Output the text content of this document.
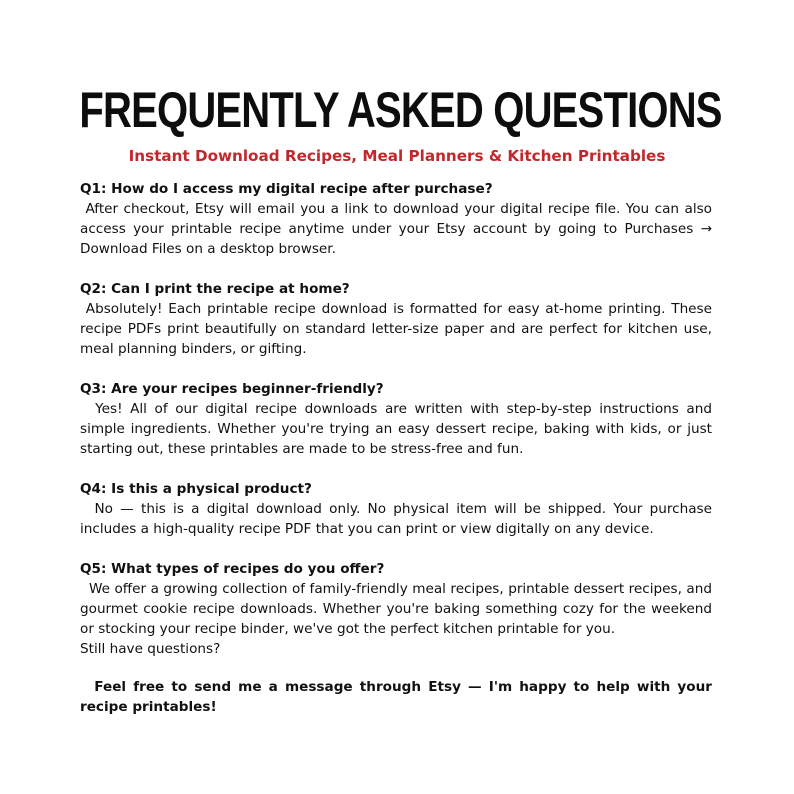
FREQUENTLY ASKED QUESTIONS
Instant Download Recipes, Meal Planners & Kitchen Printables

Q1: How do I access my digital recipe after purchase?

After checkout, Etsy will email you a link to download your digital recipe file. You can also access your printable recipe anytime under your Etsy account by going to Purchases → Download Files on a desktop browser.

Q2: Can I print the recipe at home?

Absolutely! Each printable recipe download is formatted for easy at-home printing. These recipe PDFs print beautifully on standard letter-size paper and are perfect for kitchen use, meal planning binders, or gifting.

Q3: Are your recipes beginner-friendly?

Yes! All of our digital recipe downloads are written with step-by-step instructions and simple ingredients. Whether you're trying an easy dessert recipe, baking with kids, or just starting out, these printables are made to be stress-free and fun.

Q4: Is this a physical product?

No — this is a digital download only. No physical item will be shipped. Your purchase includes a high-quality recipe PDF that you can print or view digitally on any device.

Q5: What types of recipes do you offer?

We offer a growing collection of family-friendly meal recipes, printable dessert recipes, and gourmet cookie recipe downloads. Whether you're baking something cozy for the weekend or stocking your recipe binder, we've got the perfect kitchen printable for you.

Still have questions?

Feel free to send me a message through Etsy — I'm happy to help with your recipe printables!
